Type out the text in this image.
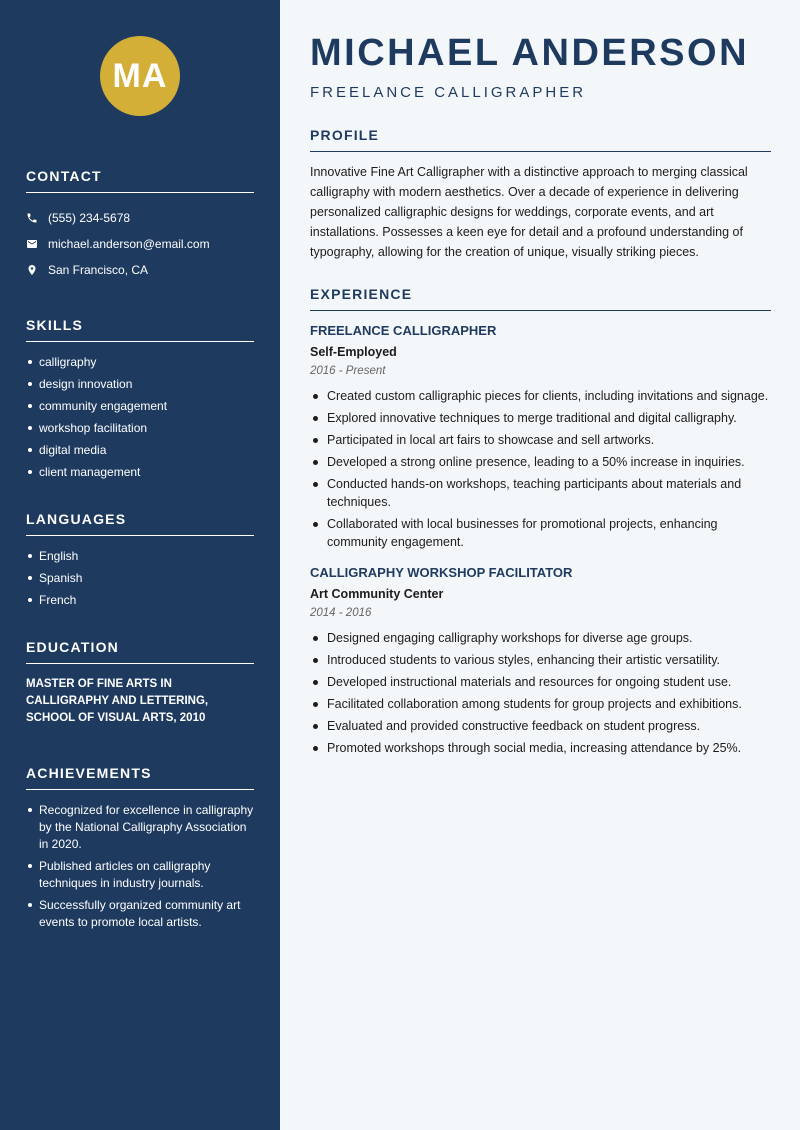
MA
CONTACT
(555) 234-5678
michael.anderson@email.com
San Francisco, CA
SKILLS
calligraphy
design innovation
community engagement
workshop facilitation
digital media
client management
LANGUAGES
English
Spanish
French
EDUCATION

MASTER OF FINE ARTS IN CALLIGRAPHY AND LETTERING, SCHOOL OF VISUAL ARTS, 2010

ACHIEVEMENTS
Recognized for excellence in calligraphy by the National Calligraphy Association in 2020.
Published articles on calligraphy techniques in industry journals.
Successfully organized community art events to promote local artists.
MICHAEL ANDERSON
FREELANCE CALLIGRAPHER
PROFILE

Innovative Fine Art Calligrapher with a distinctive approach to merging classical calligraphy with modern aesthetics. Over a decade of experience in delivering personalized calligraphic designs for weddings, corporate events, and art installations. Possesses a keen eye for detail and a profound understanding of typography, allowing for the creation of unique, visually striking pieces.

EXPERIENCE
FREELANCE CALLIGRAPHER
Self-Employed
2016 - Present
Created custom calligraphic pieces for clients, including invitations and signage.
Explored innovative techniques to merge traditional and digital calligraphy.
Participated in local art fairs to showcase and sell artworks.
Developed a strong online presence, leading to a 50% increase in inquiries.
Conducted hands-on workshops, teaching participants about materials and techniques.
Collaborated with local businesses for promotional projects, enhancing community engagement.
CALLIGRAPHY WORKSHOP FACILITATOR
Art Community Center
2014 - 2016
Designed engaging calligraphy workshops for diverse age groups.
Introduced students to various styles, enhancing their artistic versatility.
Developed instructional materials and resources for ongoing student use.
Facilitated collaboration among students for group projects and exhibitions.
Evaluated and provided constructive feedback on student progress.
Promoted workshops through social media, increasing attendance by 25%.
